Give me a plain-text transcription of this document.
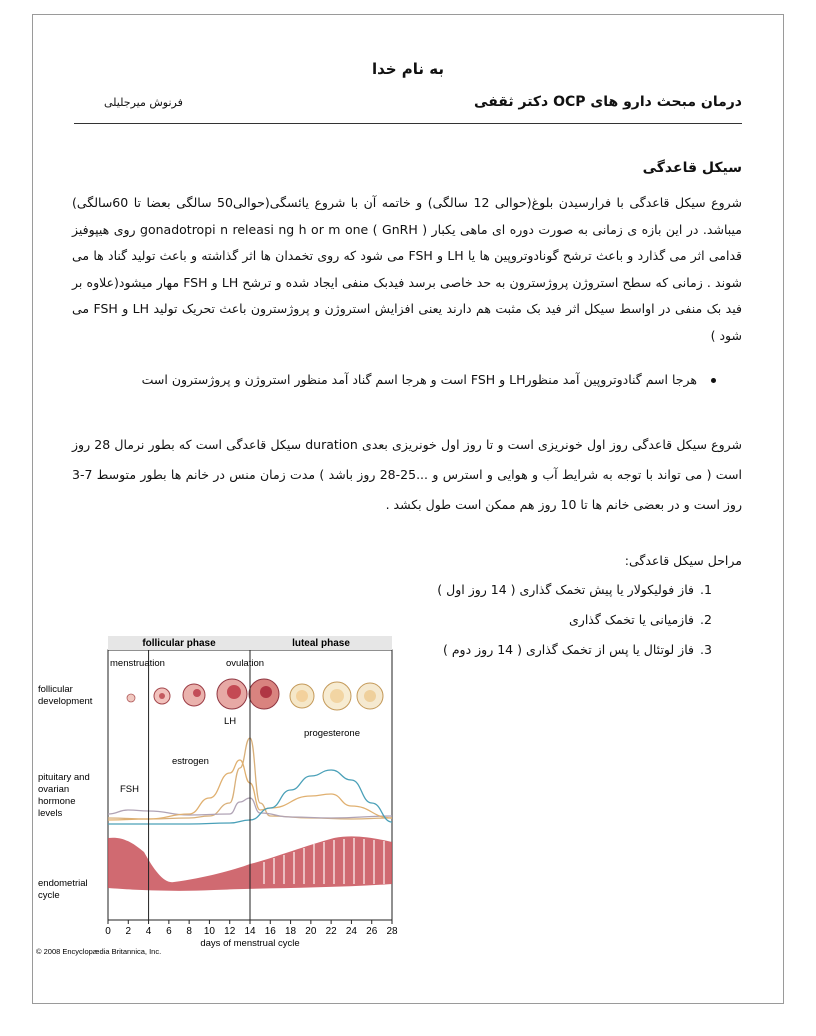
به نام خدا
درمان مبحث دارو های OCP دکتر ثقفی
فرنوش میرجلیلی
سیکل قاعدگی
شروع سیکل قاعدگی با فرارسیدن بلوغ(حوالی 12 سالگی) و خاتمه آن با شروع یائسگی(حوالی50 سالگی بعضا تا 60سالگی) میباشد. در این بازه ی زمانی به صورت دوره ای ماهی یکبار gonadotropi n releasi ng h or m one ( GnRH ) روی هیپوفیز قدامی اثر می گذارد و باعث ترشح گونادوتروپین ها یا LH و FSH می شود که روی تخمدان ها اثر گذاشته و باعث تولید گناد ها می شوند . زمانی که سطح استروژن پروژسترون به حد خاصی برسد فیدبک منفی ایجاد شده و ترشح LH و FSH مهار میشود(علاوه بر فید بک منفی در اواسط سیکل اثر فید بک مثبت هم دارند یعنی افزایش استروژن و پروژسترون باعث تحریک تولید LH و FSH می شود )
هرجا اسم گنادوتروپین آمد منظورLH و FSH است و هرجا اسم گناد آمد منظور استروژن و پروژسترون است
شروع سیکل قاعدگی روز اول خونریزی است و تا روز اول خونریزی بعدی duration سیکل قاعدگی است که بطور نرمال 28 روز است ( می تواند با توجه به شرایط آب و هوایی و استرس و ...25-28 روز باشد ) مدت زمان منس در خانم ها بطور متوسط 7-3 روز است و در بعضی خانم ها تا 10 روز هم ممکن است طول بکشد .
مراحل سیکل قاعدگی:
1.فاز فولیکولار یا پیش تخمک گذاری ( 14 روز اول )
2.فازمیانی یا تخمک گذاری
3.فاز لوتئال یا پس از تخمک گذاری ( 14 روز دوم )
follicular phase	luteal phase
follicular
development
pituitary and
ovarian
hormone
levels
endometrial
cycle
0 2 4 6 8 10 12 14 16 18 20 22 24 26 28
LH
estrogen
progesterone
FSH
menstruation	ovulation
days of menstrual cycle
© 2008 Encyclopædia Britannica, Inc.
